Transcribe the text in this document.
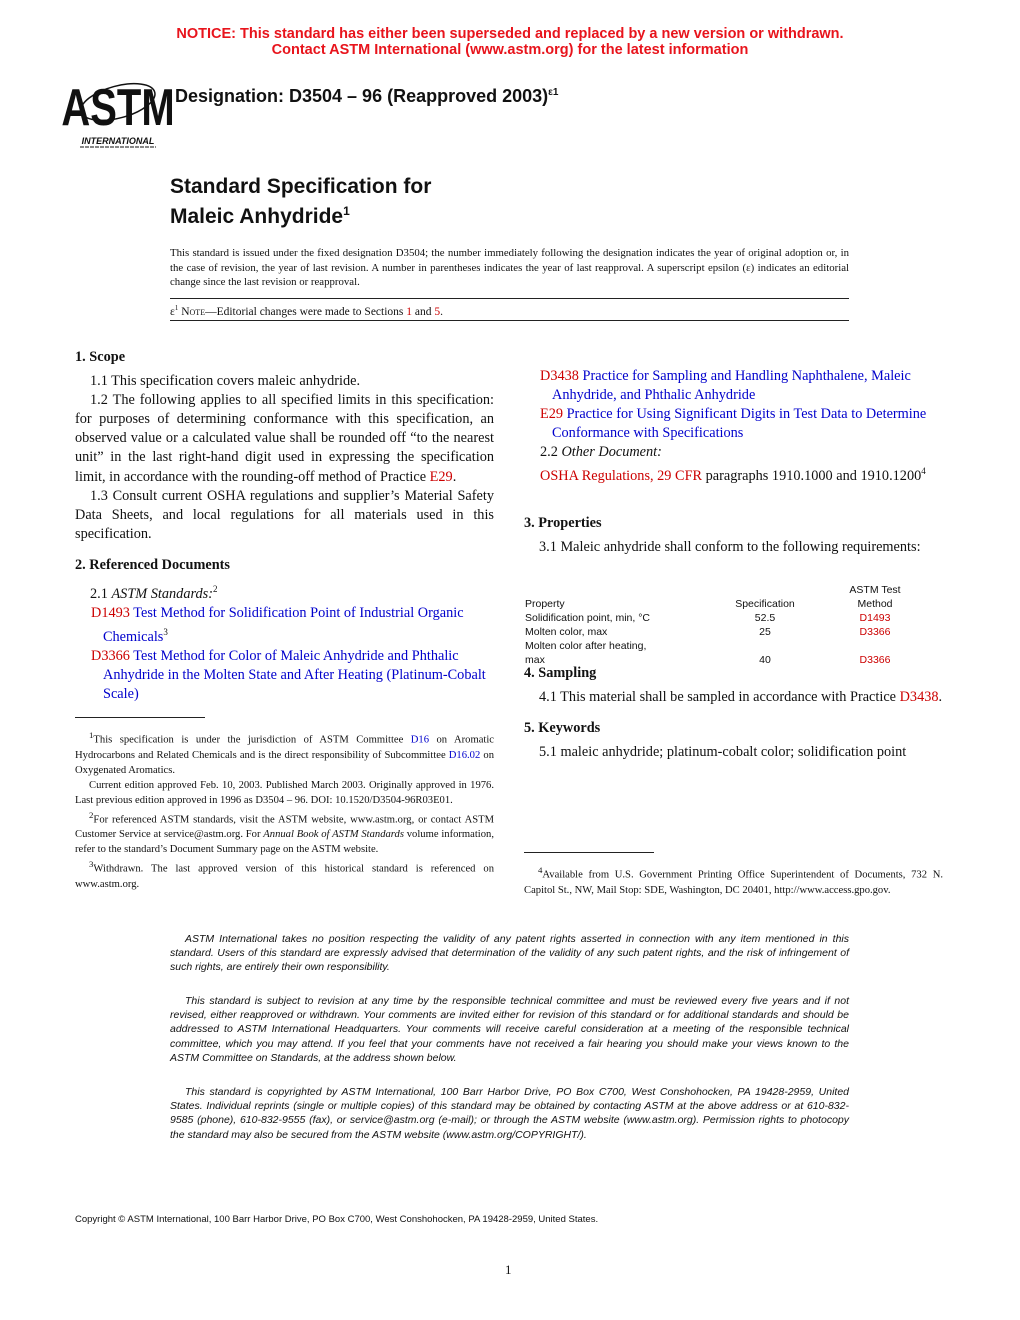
NOTICE: This standard has either been superseded and replaced by a new version or withdrawn.
Contact ASTM International (www.astm.org) for the latest information
ASTM
INTERNATIONAL
Designation: D3504 – 96 (Reapproved 2003)$^{\varepsilon 1}$
Standard Specification for
Maleic Anhydride$^1$
This standard is issued under the fixed designation D3504; the number immediately following the designation indicates the year of original adoption or, in the case of revision, the year of last revision. A number in parentheses indicates the year of last reapproval. A superscript epsilon (ε) indicates an editorial change since the last revision or reapproval.
$\varepsilon^1$ Note—Editorial changes were made to Sections 1 and 5.

1. Scope

1.1 This specification covers maleic anhydride.

1.2 The following applies to all specified limits in this specification: for purposes of determining conformance with this specification, an observed value or a calculated value shall be rounded off “to the nearest unit” in the last right-hand digit used in expressing the specification limit, in accordance with the rounding-off method of Practice E29.

1.3 Consult current OSHA regulations and supplier’s Material Safety Data Sheets, and local regulations for all materials used in this specification.

2. Referenced Documents

2.1 ASTM Standards:$^2$

D1493 Test Method for Solidification Point of Industrial Organic Chemicals$^3$

D3366 Test Method for Color of Maleic Anhydride and Phthalic Anhydride in the Molten State and After Heating (Platinum-Cobalt Scale)

$^1$This specification is under the jurisdiction of ASTM Committee D16 on Aromatic Hydrocarbons and Related Chemicals and is the direct responsibility of Subcommittee D16.02 on Oxygenated Aromatics.

Current edition approved Feb. 10, 2003. Published March 2003. Originally approved in 1976. Last previous edition approved in 1996 as D3504 – 96. DOI: 10.1520/D3504-96R03E01.

$^2$For referenced ASTM standards, visit the ASTM website, www.astm.org, or contact ASTM Customer Service at service@astm.org. For Annual Book of ASTM Standards volume information, refer to the standard’s Document Summary page on the ASTM website.

$^3$Withdrawn. The last approved version of this historical standard is referenced on www.astm.org.

D3438 Practice for Sampling and Handling Naphthalene, Maleic Anhydride, and Phthalic Anhydride

E29 Practice for Using Significant Digits in Test Data to Determine Conformance with Specifications

2.2 Other Document:

OSHA Regulations, 29 CFR paragraphs 1910.1000 and 1910.1200$^4$

3. Properties

3.1 Maleic anhydride shall conform to the following requirements:

		ASTM Test
Property	Specification	Method
Solidification point, min, °C	52.5	D1493
Molten color, max	25	D3366
Molten color after heating, max	40	D3366

4. Sampling

4.1 This material shall be sampled in accordance with Practice D3438.

5. Keywords

5.1 maleic anhydride; platinum-cobalt color; solidification point

$^4$Available from U.S. Government Printing Office Superintendent of Documents, 732 N. Capitol St., NW, Mail Stop: SDE, Washington, DC 20401, http://www.access.gpo.gov.

ASTM International takes no position respecting the validity of any patent rights asserted in connection with any item mentioned in this standard. Users of this standard are expressly advised that determination of the validity of any such patent rights, and the risk of infringement of such rights, are entirely their own responsibility.

This standard is subject to revision at any time by the responsible technical committee and must be reviewed every five years and if not revised, either reapproved or withdrawn. Your comments are invited either for revision of this standard or for additional standards and should be addressed to ASTM International Headquarters. Your comments will receive careful consideration at a meeting of the responsible technical committee, which you may attend. If you feel that your comments have not received a fair hearing you should make your views known to the ASTM Committee on Standards, at the address shown below.

This standard is copyrighted by ASTM International, 100 Barr Harbor Drive, PO Box C700, West Conshohocken, PA 19428-2959, United States. Individual reprints (single or multiple copies) of this standard may be obtained by contacting ASTM at the above address or at 610-832-9585 (phone), 610-832-9555 (fax), or service@astm.org (e-mail); or through the ASTM website (www.astm.org). Permission rights to photocopy the standard may also be secured from the ASTM website (www.astm.org/COPYRIGHT/).

Copyright © ASTM International, 100 Barr Harbor Drive, PO Box C700, West Conshohocken, PA 19428-2959, United States.
1
